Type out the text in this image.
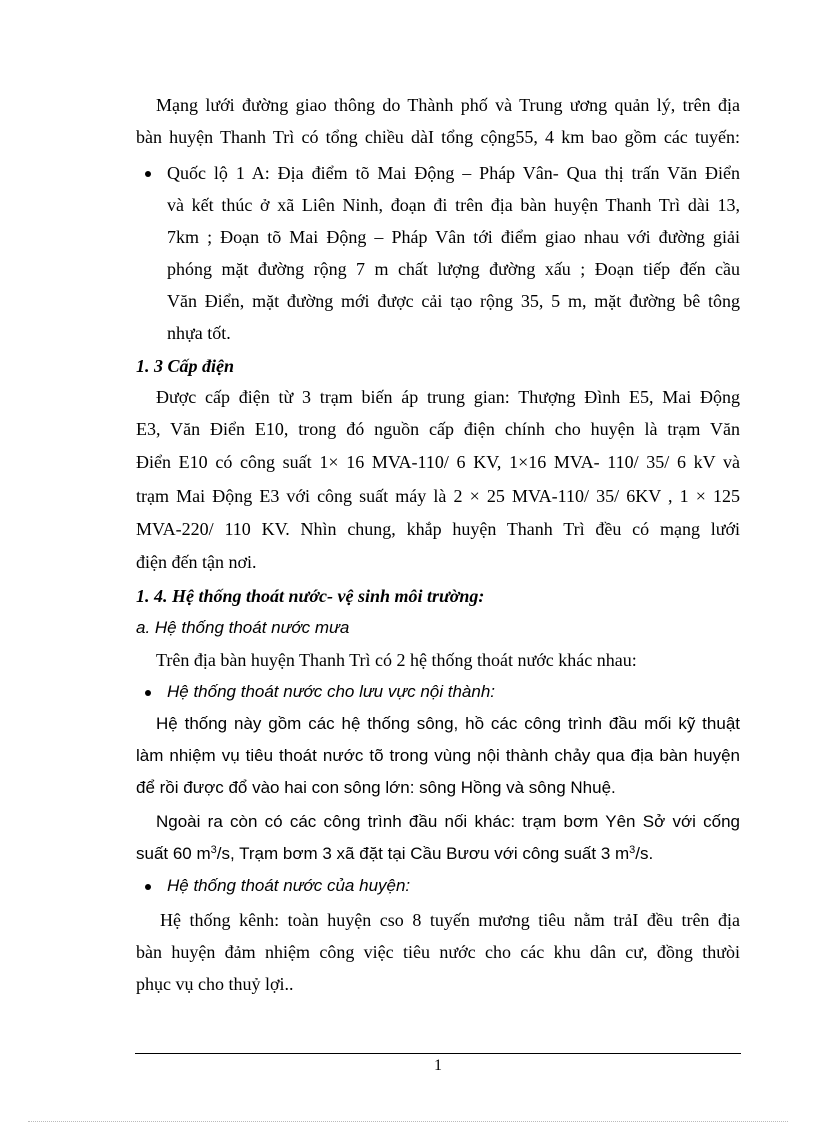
Mạng lưới đường giao thông do Thành phố và Trung ương quản lý, trên địa
bàn huyện Thanh Trì có tổng chiều dàI tổng cộng55, 4 km bao gồm các tuyến:
Quốc lộ 1 A: Địa điểm tõ Mai Động – Pháp Vân- Qua thị trấn Văn Điển
và kết thúc ở xã Liên Ninh, đoạn đi trên địa bàn huyện Thanh Trì dài 13,
7km ; Đoạn tõ Mai Động – Pháp Vân tới điểm giao nhau với đường giải
phóng mặt đường rộng 7 m chất lượng đường xấu ; Đoạn tiếp đến cầu
Văn Điển, mặt đường mới được cải tạo rộng 35, 5 m, mặt đường bê tông
nhựa tốt.
1. 3 Cấp điện
Được cấp điện từ 3 trạm biến áp trung gian: Thượng Đình E5, Mai Động
E3, Văn Điển E10, trong đó nguồn cấp điện chính cho huyện là trạm Văn
Điển E10 có công suất 1× 16 MVA-110/ 6 KV, 1×16 MVA- 110/ 35/ 6 kV và
trạm Mai Động E3 với công suất máy là 2 × 25 MVA-110/ 35/ 6KV , 1 × 125
MVA-220/ 110 KV. Nhìn chung, khắp huyện Thanh Trì đều có mạng lưới
điện đến tận nơi.
1. 4. Hệ thống thoát nước- vệ sinh môi trường:
a. Hệ thống thoát nước mưa
Trên địa bàn huyện Thanh Trì có 2 hệ thống thoát nước khác nhau:
Hệ thống thoát nước cho lưu vực nội thành:
Hệ thống này gồm các hệ thống sông, hồ các công trình đầu mối kỹ thuật
làm nhiệm vụ tiêu thoát nước tõ trong vùng nội thành chảy qua địa bàn huyện
để rồi được đổ vào hai con sông lớn: sông Hồng và sông Nhuệ.
Ngoài ra còn có các công trình đầu nối khác: trạm bơm Yên Sở với cống
suất 60 $m^3/s$, Trạm bơm 3 xã đặt tại Cầu Bươu với công suất 3 $m^3/s$.
Hệ thống thoát nước của huyện:
Hệ thống kênh: toàn huyện cso 8 tuyến mương tiêu nằm trảI đều trên địa
bàn huyện đảm nhiệm công việc tiêu nước cho các khu dân cư, đồng thưòi
phục vụ cho thuỷ lợi..
1
